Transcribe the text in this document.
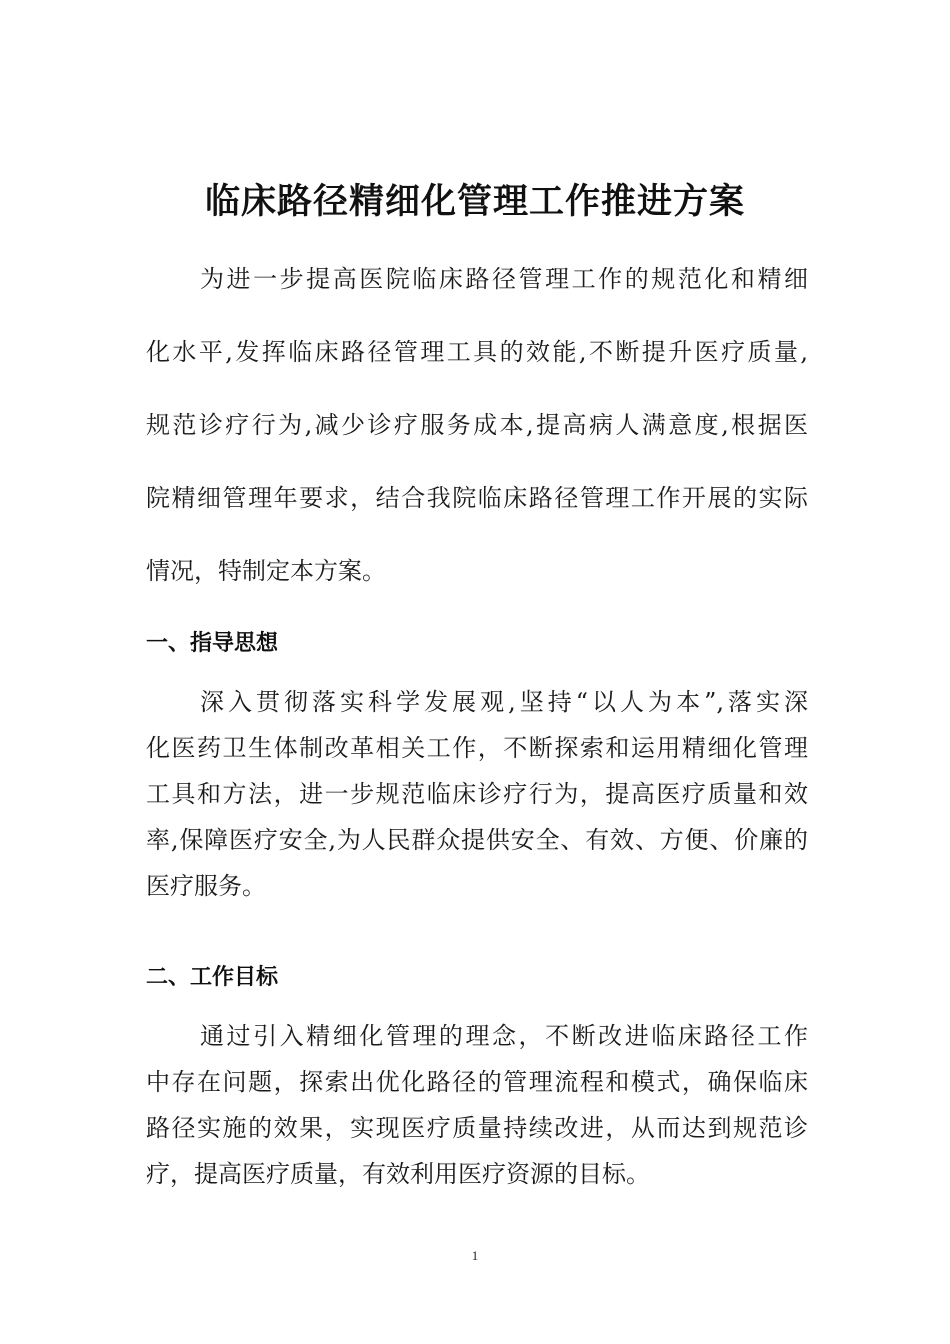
临床路径精细化管理工作推进方案
为进一步提高医院临床路径管理工作的规范化和精细
化水平,发挥临床路径管理工具的效能,不断提升医疗质量,
规范诊疗行为,减少诊疗服务成本,提高病人满意度,根据医
院精细管理年要求，结合我院临床路径管理工作开展的实际
情况，特制定本方案。
一、指导思想
深入贯彻落实科学发展观,坚持“以人为本”,落实深
化医药卫生体制改革相关工作，不断探索和运用精细化管理
工具和方法，进一步规范临床诊疗行为，提高医疗质量和效
率,保障医疗安全,为人民群众提供安全、有效、方便、价廉的
医疗服务。
二、工作目标
通过引入精细化管理的理念，不断改进临床路径工作
中存在问题，探索出优化路径的管理流程和模式，确保临床
路径实施的效果，实现医疗质量持续改进，从而达到规范诊
疗，提高医疗质量，有效利用医疗资源的目标。
1
